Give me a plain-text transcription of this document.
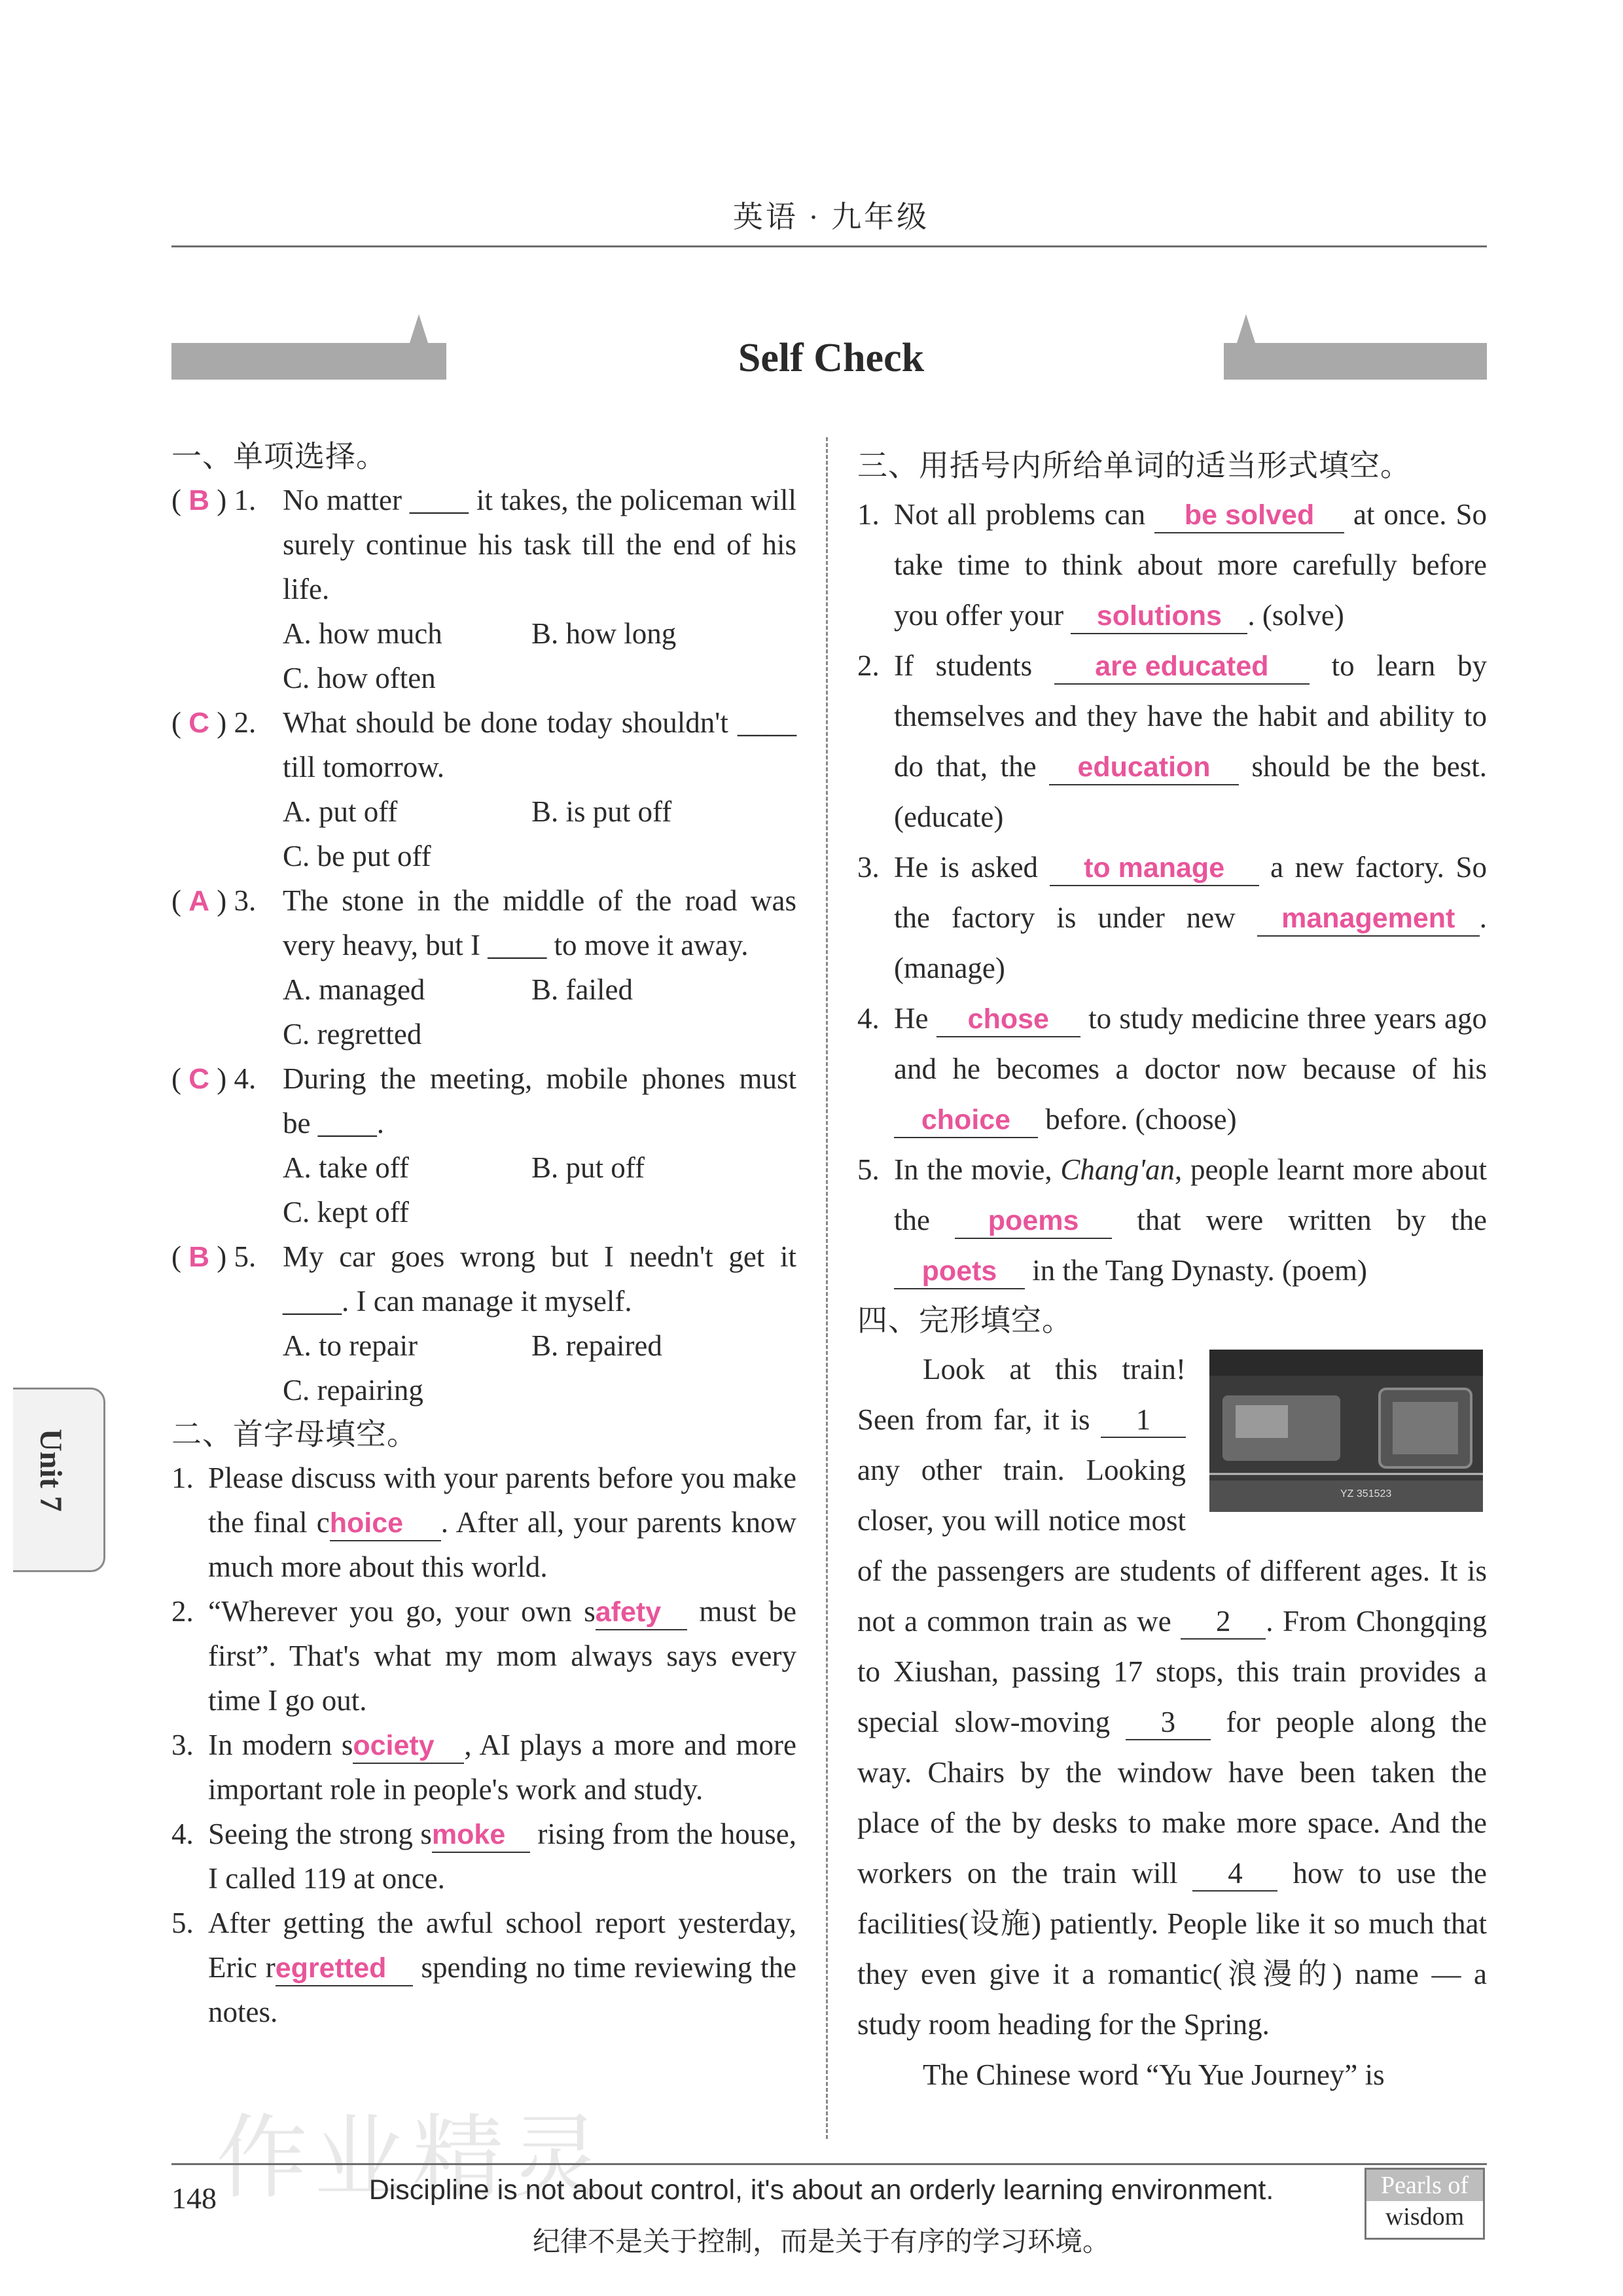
英语 · 九年级
Self Check
Unit 7
一、单项选择。
( B ) 1. No matter ____ it takes, the policeman will surely continue his task till the end of his life.
A. how much	B. how long
C. how often
( C ) 2. What should be done today shouldn't ____ till tomorrow.
A. put off	B. is put off
C. be put off
( A ) 3. The stone in the middle of the road was very heavy, but I ____ to move it away.
A. managed	B. failed
C. regretted
( C ) 4. During the meeting, mobile phones must be ____.
A. take off	B. put off
C. kept off
( B ) 5. My car goes wrong but I needn't get it ____. I can manage it myself.
A. to repair	B. repaired
C. repairing
二、首字母填空。
1. Please discuss with your parents before you make the final choice . After all, your parents know much more about this world.
2. “Wherever you go, your own safety must be first”. That's what my mom always says every time I go out.
3. In modern society , AI plays a more and more important role in people's work and study.
4. Seeing the strong smoke rising from the house, I called 119 at once.
5. After getting the awful school report yesterday, Eric regretted spending no time reviewing the notes.
三、用括号内所给单词的适当形式填空。
1. Not all problems can be solved at once. So take time to think about more carefully before you offer your solutions . (solve)
2. If students are educated to learn by themselves and they have the habit and ability to do that, the education should be the best. (educate)
3. He is asked to manage a new factory. So the factory is under new management . (manage)
4. He chose to study medicine three years ago and he becomes a doctor now because of his choice before. (choose)
5. In the movie, Chang'an, people learnt more about the poems that were written by the poets in the Tang Dynasty. (poem)
四、完形填空。
Look at this train! Seen from far, it is 1 any other train. Looking closer, you will notice most of the passengers are students of different ages. It is not a common train as we 2 . From Chongqing to Xiushan, passing 17 stops, this train provides a special slow-moving 3 for people along the way. Chairs by the window have been taken the place of the by desks to make more space. And the workers on the train will 4 how to use the facilities(设施) patiently. People like it so much that they even give it a romantic(浪漫的) name — a study room heading for the Spring.
The Chinese word “Yu Yue Journey” is
YZ 351523
作业精灵
148	Discipline is not about control, it's about an orderly learning environment.
纪律不是关于控制，而是关于有序的学习环境。
Pearls of
wisdom
